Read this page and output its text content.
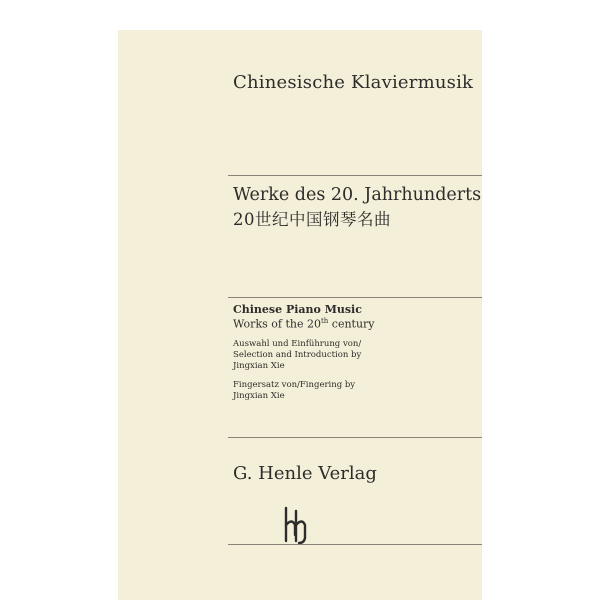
Chinesische Klaviermusik
Werke des 20. Jahrhunderts
20世纪中国钢琴名曲
Chinese Piano Music
Works of the 20th century
Auswahl und Einführung von/
Selection and Introduction by
Jingxian Xie
Fingersatz von/Fingering by
Jingxian Xie
G. Henle Verlag
